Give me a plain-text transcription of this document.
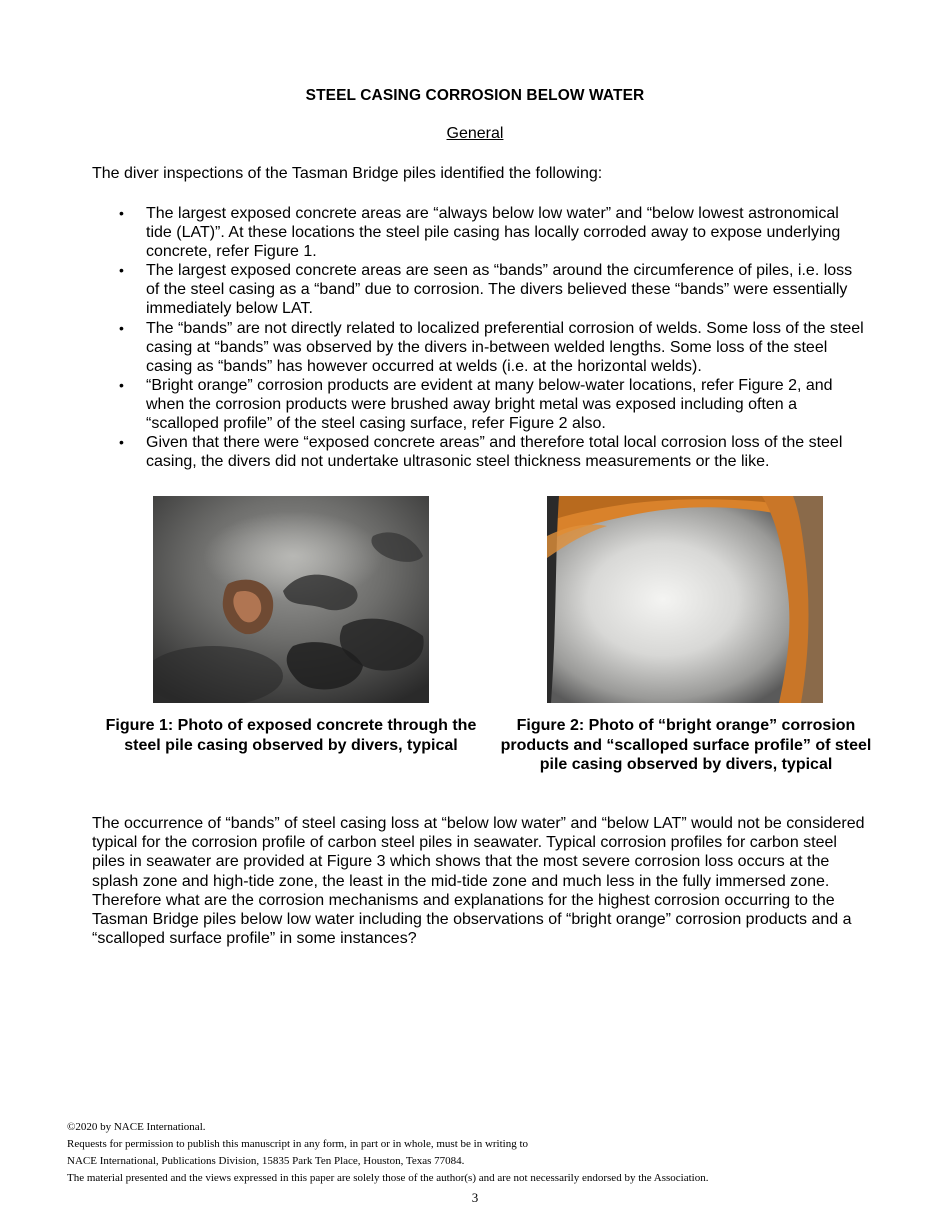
STEEL CASING CORROSION BELOW WATER
General
The diver inspections of the Tasman Bridge piles identified the following:
• The largest exposed concrete areas are “always below low water” and “below lowest astronomical tide (LAT)”. At these locations the steel pile casing has locally corroded away to expose underlying concrete, refer Figure 1.
• The largest exposed concrete areas are seen as “bands” around the circumference of piles, i.e. loss of the steel casing as a “band” due to corrosion. The divers believed these “bands” were essentially immediately below LAT.
• The “bands” are not directly related to localized preferential corrosion of welds. Some loss of the steel casing at “bands” was observed by the divers in-between welded lengths. Some loss of the steel casing as “bands” has however occurred at welds (i.e. at the horizontal welds).
• “Bright orange” corrosion products are evident at many below-water locations, refer Figure 2, and when the corrosion products were brushed away bright metal was exposed including often a “scalloped profile” of the steel casing surface, refer Figure 2 also.
• Given that there were “exposed concrete areas” and therefore total local corrosion loss of the steel casing, the divers did not undertake ultrasonic steel thickness measurements or the like.
Figure 1: Photo of exposed concrete through the steel pile casing observed by divers, typical
Figure 2: Photo of “bright orange” corrosion products and “scalloped surface profile” of steel pile casing observed by divers, typical
The occurrence of “bands” of steel casing loss at “below low water” and “below LAT” would not be considered typical for the corrosion profile of carbon steel piles in seawater. Typical corrosion profiles for carbon steel piles in seawater are provided at Figure 3 which shows that the most severe corrosion loss occurs at the splash zone and high-tide zone, the least in the mid-tide zone and much less in the fully immersed zone. Therefore what are the corrosion mechanisms and explanations for the highest corrosion occurring to the Tasman Bridge piles below low water including the observations of “bright orange” corrosion products and a “scalloped surface profile” in some instances?
©2020 by NACE International.
Requests for permission to publish this manuscript in any form, in part or in whole, must be in writing to
NACE International, Publications Division, 15835 Park Ten Place, Houston, Texas 77084.
The material presented and the views expressed in this paper are solely those of the author(s) and are not necessarily endorsed by the Association.
3
